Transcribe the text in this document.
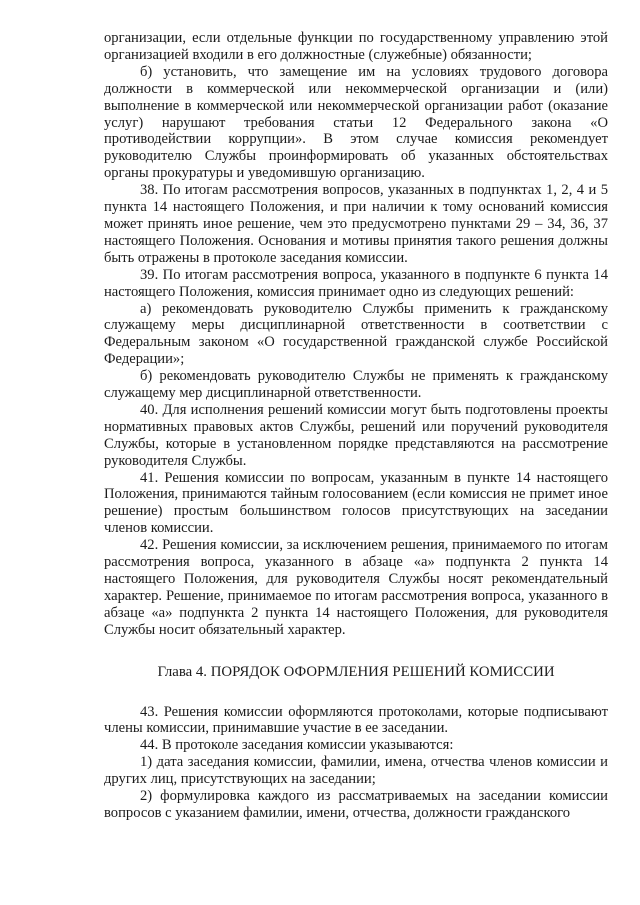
организации, если отдельные функции по государственному управлению этой организацией входили в его должностные (служебные) обязанности;

б) установить, что замещение им на условиях трудового договора должности в коммерческой или некоммерческой организации и (или) выполнение в коммерческой или некоммерческой организации работ (оказание услуг) нарушают требования статьи 12 Федерального закона «О противодействии коррупции». В этом случае комиссия рекомендует руководителю Службы проинформировать об указанных обстоятельствах органы прокуратуры и уведомившую организацию.

38. По итогам рассмотрения вопросов, указанных в подпунктах 1, 2, 4 и 5 пункта 14 настоящего Положения, и при наличии к тому оснований комиссия может принять иное решение, чем это предусмотрено пунктами 29 – 34, 36, 37 настоящего Положения. Основания и мотивы принятия такого решения должны быть отражены в протоколе заседания комиссии.

39. По итогам рассмотрения вопроса, указанного в подпункте 6 пункта 14 настоящего Положения, комиссия принимает одно из следующих решений:

а) рекомендовать руководителю Службы применить к гражданскому служащему меры дисциплинарной ответственности в соответствии с Федеральным законом «О государственной гражданской службе Российской Федерации»;

б) рекомендовать руководителю Службы не применять к гражданскому служащему мер дисциплинарной ответственности.

40. Для исполнения решений комиссии могут быть подготовлены проекты нормативных правовых актов Службы, решений или поручений руководителя Службы, которые в установленном порядке представляются на рассмотрение руководителя Службы.

41. Решения комиссии по вопросам, указанным в пункте 14 настоящего Положения, принимаются тайным голосованием (если комиссия не примет иное решение) простым большинством голосов присутствующих на заседании членов комиссии.

42. Решения комиссии, за исключением решения, принимаемого по итогам рассмотрения вопроса, указанного в абзаце «а» подпункта 2 пункта 14 настоящего Положения, для руководителя Службы носят рекомендательный характер. Решение, принимаемое по итогам рассмотрения вопроса, указанного в абзаце «а» подпункта 2 пункта 14 настоящего Положения, для руководителя Службы носит обязательный характер.

Глава 4. ПОРЯДОК ОФОРМЛЕНИЯ РЕШЕНИЙ КОМИССИИ

43. Решения комиссии оформляются протоколами, которые подписывают члены комиссии, принимавшие участие в ее заседании.

44. В протоколе заседания комиссии указываются:

1) дата заседания комиссии, фамилии, имена, отчества членов комиссии и других лиц, присутствующих на заседании;

2) формулировка каждого из рассматриваемых на заседании комиссии вопросов с указанием фамилии, имени, отчества, должности гражданского
